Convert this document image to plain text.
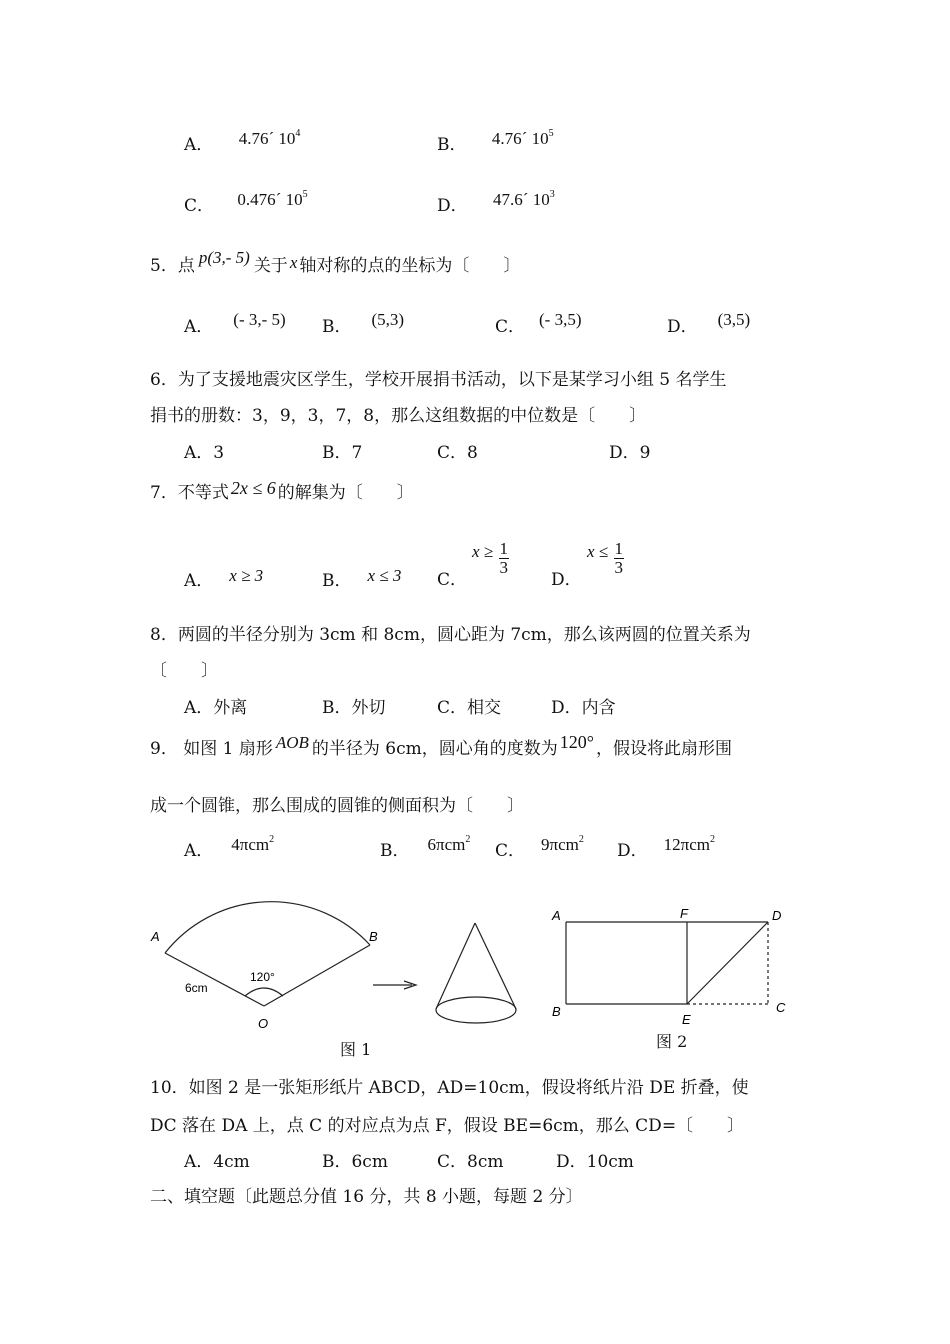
A． 4.76´ $10^4$
B． 4.76´ $10^5$
C． 0.476´ $10^5$
D． 47.6´ $10^3$
5．点 p(3,- 5) 关于 x 轴对称的点的坐标为〔　　〕
A． (- 3,- 5) B． (5,3)	C． (- 3,5)	D． (3,5)
6．为了支援地震灾区学生，学校开展捐书活动，以下是某学习小组 5 名学生
捐书的册数：3，9，3，7，8，那么这组数据的中位数是〔　　〕
A．3	B．7	C．8	D．9
7．不等式 2x ≤ 6 的解集为〔　　〕
A． x ≥ 3	B． x ≤ 3 C．
$x \ge \frac{1}{3}$
D．
$x \le \frac{1}{3}$
8．两圆的半径分别为 3cm 和 8cm，圆心距为 7cm，那么该两圆的位置关系为
〔　　〕
A．外离	B．外切	C．相交	D．内含
9． 如图 1 扇形 AOB 的半径为 6cm，圆心角的度数为 120° ，假设将此扇形围
成一个圆锥，那么围成的圆锥的侧面积为〔　　〕
A． 4πcm$^2$
B． 6πcm$^2$
C． 9πcm$^2$
D． 12πcm$^2$
A	B
O
6cm
120°
图 1
A	F	D
B
E
C
图 2
10．如图 2 是一张矩形纸片 ABCD，AD=10cm，假设将纸片沿 DE 折叠，使
DC 落在 DA 上，点 C 的对应点为点 F，假设 BE=6cm，那么 CD=〔　　〕
A．4cm	B．6cm	C．8cm	D．10cm
二、填空题〔此题总分值 16 分，共 8 小题，每题 2 分〕
